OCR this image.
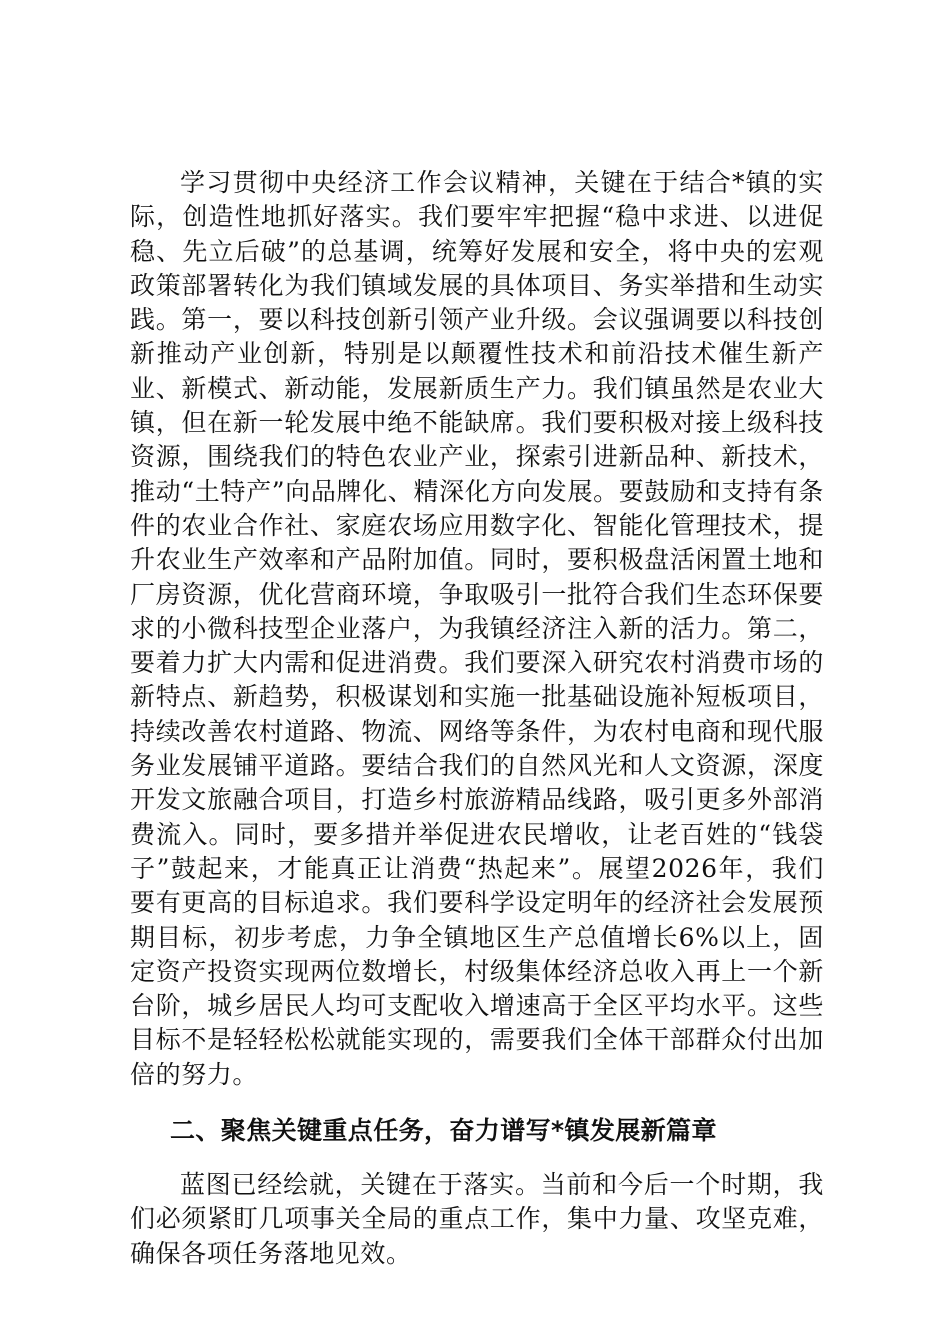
学习贯彻中央经济工作会议精神，关键在于结合*镇的实际，创造性地抓好落实。我们要牢牢把握“稳中求进、以进促稳、先立后破”的总基调，统筹好发展和安全，将中央的宏观政策部署转化为我们镇域发展的具体项目、务实举措和生动实践。第一，要以科技创新引领产业升级。会议强调要以科技创新推动产业创新，特别是以颠覆性技术和前沿技术催生新产业、新模式、新动能，发展新质生产力。我们镇虽然是农业大镇，但在新一轮发展中绝不能缺席。我们要积极对接上级科技资源，围绕我们的特色农业产业，探索引进新品种、新技术，推动“土特产”向品牌化、精深化方向发展。要鼓励和支持有条件的农业合作社、家庭农场应用数字化、智能化管理技术，提升农业生产效率和产品附加值。同时，要积极盘活闲置土地和厂房资源，优化营商环境，争取吸引一批符合我们生态环保要求的小微科技型企业落户，为我镇经济注入新的活力。第二，要着力扩大内需和促进消费。我们要深入研究农村消费市场的新特点、新趋势，积极谋划和实施一批基础设施补短板项目，持续改善农村道路、物流、网络等条件，为农村电商和现代服务业发展铺平道路。要结合我们的自然风光和人文资源，深度开发文旅融合项目，打造乡村旅游精品线路，吸引更多外部消费流入。同时，要多措并举促进农民增收，让老百姓的“钱袋子”鼓起来，才能真正让消费“热起来”。展望2026年，我们要有更高的目标追求。我们要科学设定明年的经济社会发展预期目标，初步考虑，力争全镇地区生产总值增长6%以上，固定资产投资实现两位数增长，村级集体经济总收入再上一个新台阶，城乡居民人均可支配收入增速高于全区平均水平。这些目标不是轻轻松松就能实现的，需要我们全体干部群众付出加倍的努力。

二、聚焦关键重点任务，奋力谱写*镇发展新篇章

蓝图已经绘就，关键在于落实。当前和今后一个时期，我们必须紧盯几项事关全局的重点工作，集中力量、攻坚克难，确保各项任务落地见效。
